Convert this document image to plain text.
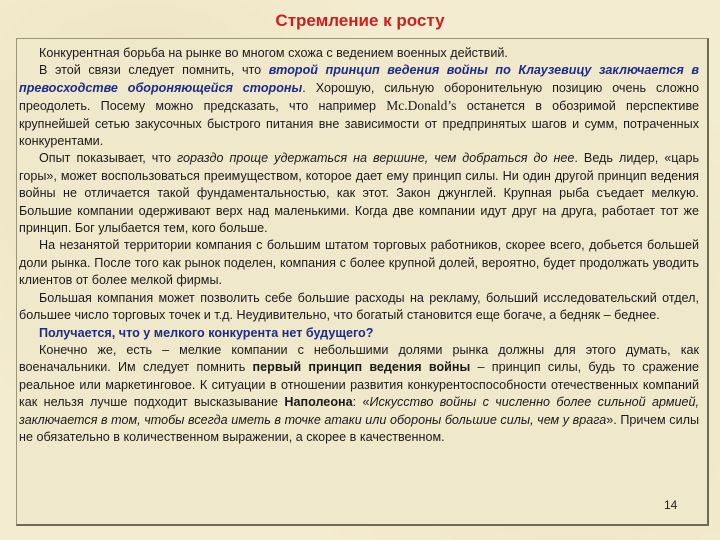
Стремление к росту

Конкурентная борьба на рынке во многом схожа с ведением военных действий.

В этой связи следует помнить, что второй принцип ведения войны по Клаузевицу заключается в превосходстве обороняющейся стороны. Хорошую, сильную оборонительную позицию очень сложно преодолеть. Посему можно предсказать, что например Mc.Donald’s останется в обозримой перспективе крупнейшей сетью закусочных быстрого питания вне зависимости от предпринятых шагов и сумм, потраченных конкурентами.

Опыт показывает, что гораздо проще удержаться на вершине, чем добраться до нее. Ведь лидер, «царь горы», может воспользоваться преимуществом, которое дает ему принцип силы. Ни один другой принцип ведения войны не отличается такой фундаментальностью, как этот. Закон джунглей. Крупная рыба съедает мелкую. Большие компании одерживают верх над маленькими. Когда две компании идут друг на друга, работает тот же принцип. Бог улыбается тем, кого больше.

На незанятой территории компания с большим штатом торговых работников, скорее всего, добьется большей доли рынка. После того как рынок поделен, компания с более крупной долей, вероятно, будет продолжать уводить клиентов от более мелкой фирмы.

Большая компания может позволить себе большие расходы на рекламу, больший исследовательский отдел, большее число торговых точек и т.д. Неудивительно, что богатый становится еще богаче, а бедняк – беднее.

Получается, что у мелкого конкурента нет будущего?

Конечно же, есть – мелкие компании с небольшими долями рынка должны для этого думать, как военачальники. Им следует помнить первый принцип ведения войны – принцип силы, будь то сражение реальное или маркетинговое. К ситуации в отношении развития конкурентоспособности отечественных компаний как нельзя лучше подходит высказывание Наполеона: «Искусство войны с численно более сильной армией, заключается в том, чтобы всегда иметь в точке атаки или обороны большие силы, чем у врага». Причем силы не обязательно в количественном выражении, а скорее в качественном.

14
